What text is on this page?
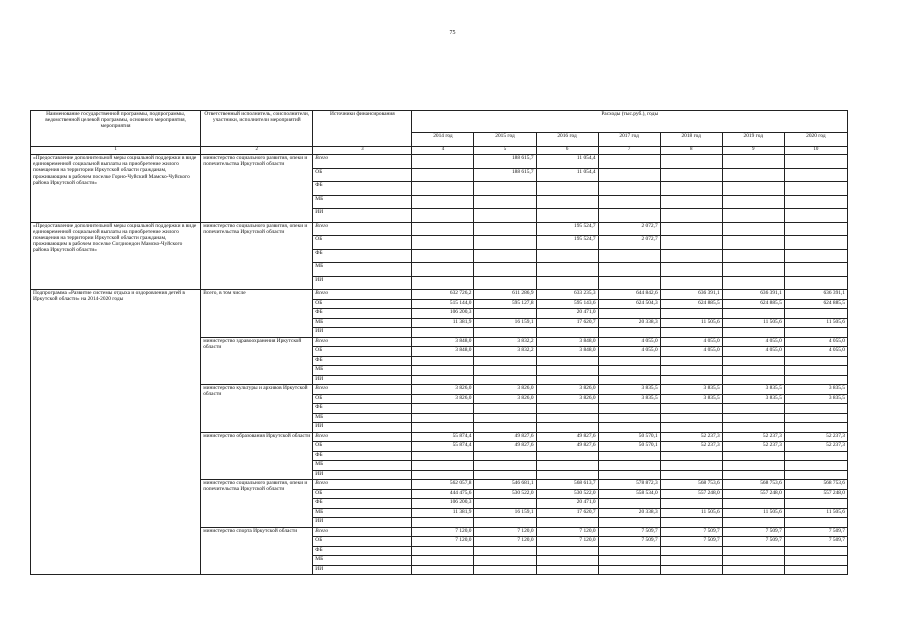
75
Наименование государственной программы, подпрограммы, ведомственной целевой программы, основного мероприятия, мероприятия	Ответственный исполнитель, соисполнители, участники, исполнители мероприятий	Источники финансирования	Расходы (тыс.руб.), годы						
			2014 год	2015 год	2016 год	2017 год	2018 год	2019 год	2020 год
1	2	3	4	5	6	7	8	9	10
«Предоставление дополнительной меры социальной поддержки в виде единовременной социальной выплаты на приобретение жилого помещения на территории Иркутской области гражданам, проживающим в рабочем поселке Горно-Чуйский Мамско-Чуйского района Иркутской области»	министерство социального развития, опеки и попечительства Иркутской области	Всего		188 615,7	11 054,4				
		ОБ		188 615,7	11 054,4				
		ФБ							
		МБ							
		ИИ							
«Предоставление дополнительной меры социальной поддержки в виде единовременной социальной выплаты на приобретение жилого помещения на территории Иркутской области гражданам, проживающим в рабочем поселке Согдиондон Мамско-Чуйского района Иркутской области»	министерство социального развития, опеки и попечительства Иркутской области	Всего			195 524,7	2 072,7			
		ОБ			195 524,7	2 072,7			
		ФБ							
		МБ							
		ИИ							
Подпрограмма «Развитие системы отдыха и оздоровления детей в Иркутской области» на 2014-2020 годы	Всего, в том числе	Всего	632 726,2	611 286,9	633 235,3	644 842,6	636 391,1	636 391,1	636 391,1
		ОБ	515 144,0	595 127,8	595 143,6	624 504,3	624 885,5	624 885,5	624 885,5
		ФБ	106 200,3		20 471,0				
		МБ	11 381,9	16 159,1	17 620,7	20 338,3	11 505,6	11 505,6	11 505,6
		ИИ							
	министерство здравоохранения Иркутской области	Всего	3 848,0	3 832,2	3 848,0	4 055,0	4 055,0	4 055,0	4 055,0
		ОБ	3 848,0	3 832,2	3 848,0	4 055,0	4 055,0	4 055,0	4 055,0
		ФБ							
		МБ							
		ИИ							
	министерство культуры и архивов Иркутской области	Всего	3 826,0	3 826,0	3 826,0	3 835,5	3 835,5	3 835,5	3 835,5
		ОБ	3 826,0	3 826,0	3 826,0	3 835,5	3 835,5	3 835,5	3 835,5
		ФБ							
		МБ							
		ИИ							
	министерство образования Иркутской области	Всего	55 874,4	49 827,6	49 827,6	50 570,1	52 237,3	52 237,3	52 237,3
		ОБ	55 874,4	49 827,6	49 827,6	50 570,1	52 237,3	52 237,3	52 237,3
		ФБ							
		МБ							
		ИИ							
	министерство социального развития, опеки и попечительства Иркутской области	Всего	562 057,8	546 681,1	568 613,7	578 872,3	568 753,6	568 753,6	568 753,6
		ОБ	444 475,6	530 522,0	530 522,0	558 534,0	557 248,0	557 248,0	557 248,0
		ФБ	106 200,3		20 471,0				
		МБ	11 381,9	16 159,1	17 620,7	20 338,3	11 505,6	11 505,6	11 505,6
		ИИ							
	министерство спорта Иркутской области	Всего	7 120,0	7 120,0	7 120,0	7 509,7	7 509,7	7 509,7	7 509,7
		ОБ	7 120,0	7 120,0	7 120,0	7 509,7	7 509,7	7 509,7	7 509,7
		ФБ							
		МБ							
		ИИ							
